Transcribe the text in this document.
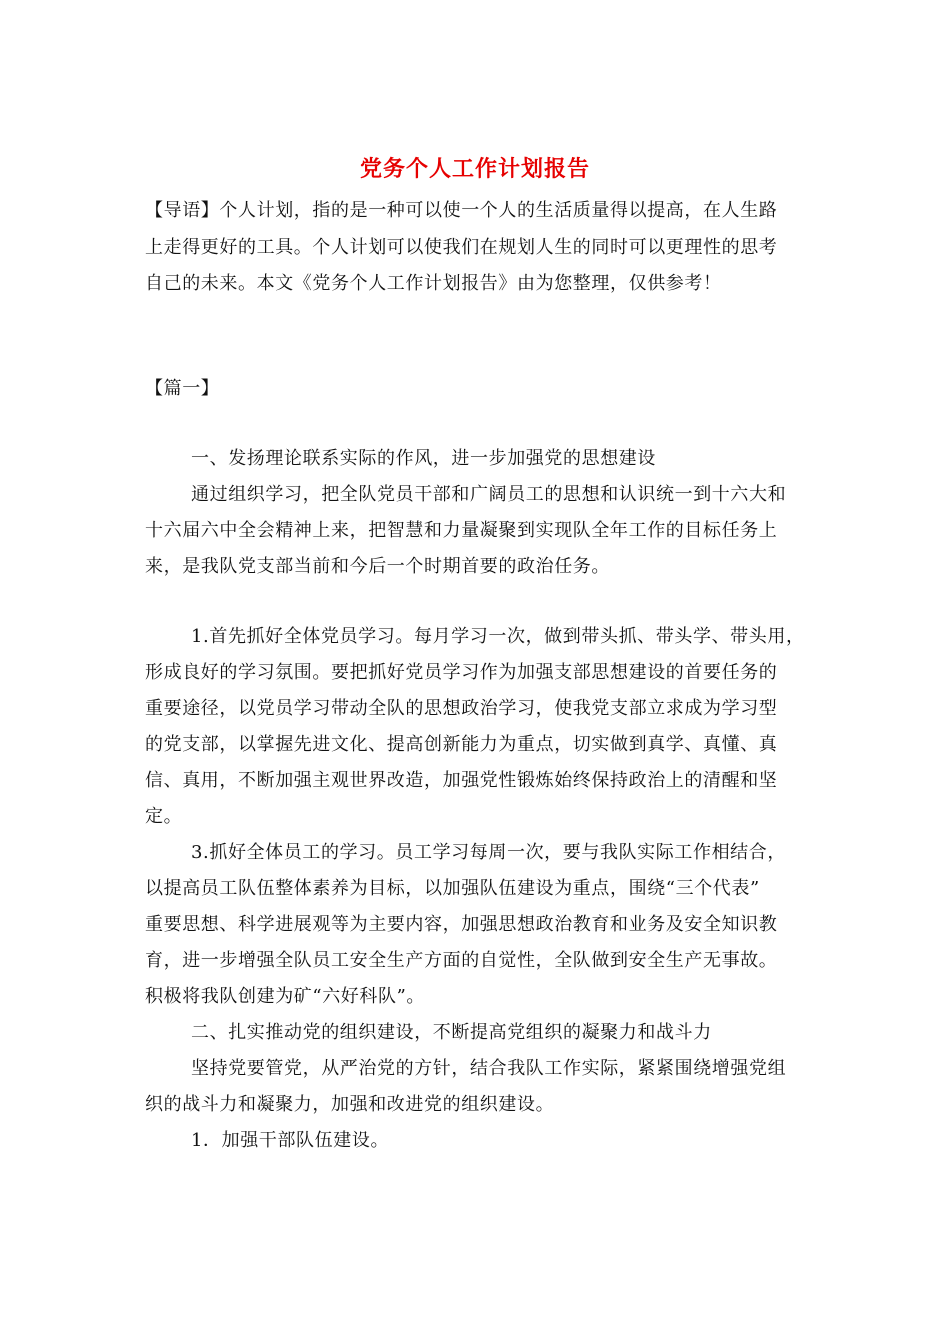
党务个人工作计划报告
【导语】个人计划，指的是一种可以使一个人的生活质量得以提高，在人生路
上走得更好的工具。个人计划可以使我们在规划人生的同时可以更理性的思考
自己的未来。本文《党务个人工作计划报告》由为您整理，仅供参考！
【篇一】
一、发扬理论联系实际的作风，进一步加强党的思想建设
通过组织学习，把全队党员干部和广阔员工的思想和认识统一到十六大和
十六届六中全会精神上来，把智慧和力量凝聚到实现队全年工作的目标任务上
来，是我队党支部当前和今后一个时期首要的政治任务。
1.首先抓好全体党员学习。每月学习一次，做到带头抓、带头学、带头用，
形成良好的学习氛围。要把抓好党员学习作为加强支部思想建设的首要任务的
重要途径，以党员学习带动全队的思想政治学习，使我党支部立求成为学习型
的党支部，以掌握先进文化、提高创新能力为重点，切实做到真学、真懂、真
信、真用，不断加强主观世界改造，加强党性锻炼始终保持政治上的清醒和坚
定。
3.抓好全体员工的学习。员工学习每周一次，要与我队实际工作相结合，
以提高员工队伍整体素养为目标，以加强队伍建设为重点，围绕“三个代表”
重要思想、科学进展观等为主要内容，加强思想政治教育和业务及安全知识教
育，进一步增强全队员工安全生产方面的自觉性，全队做到安全生产无事故。
积极将我队创建为矿“六好科队”。
二、扎实推动党的组织建设，不断提高党组织的凝聚力和战斗力
坚持党要管党，从严治党的方针，结合我队工作实际，紧紧围绕增强党组
织的战斗力和凝聚力，加强和改进党的组织建设。
1．加强干部队伍建设。
